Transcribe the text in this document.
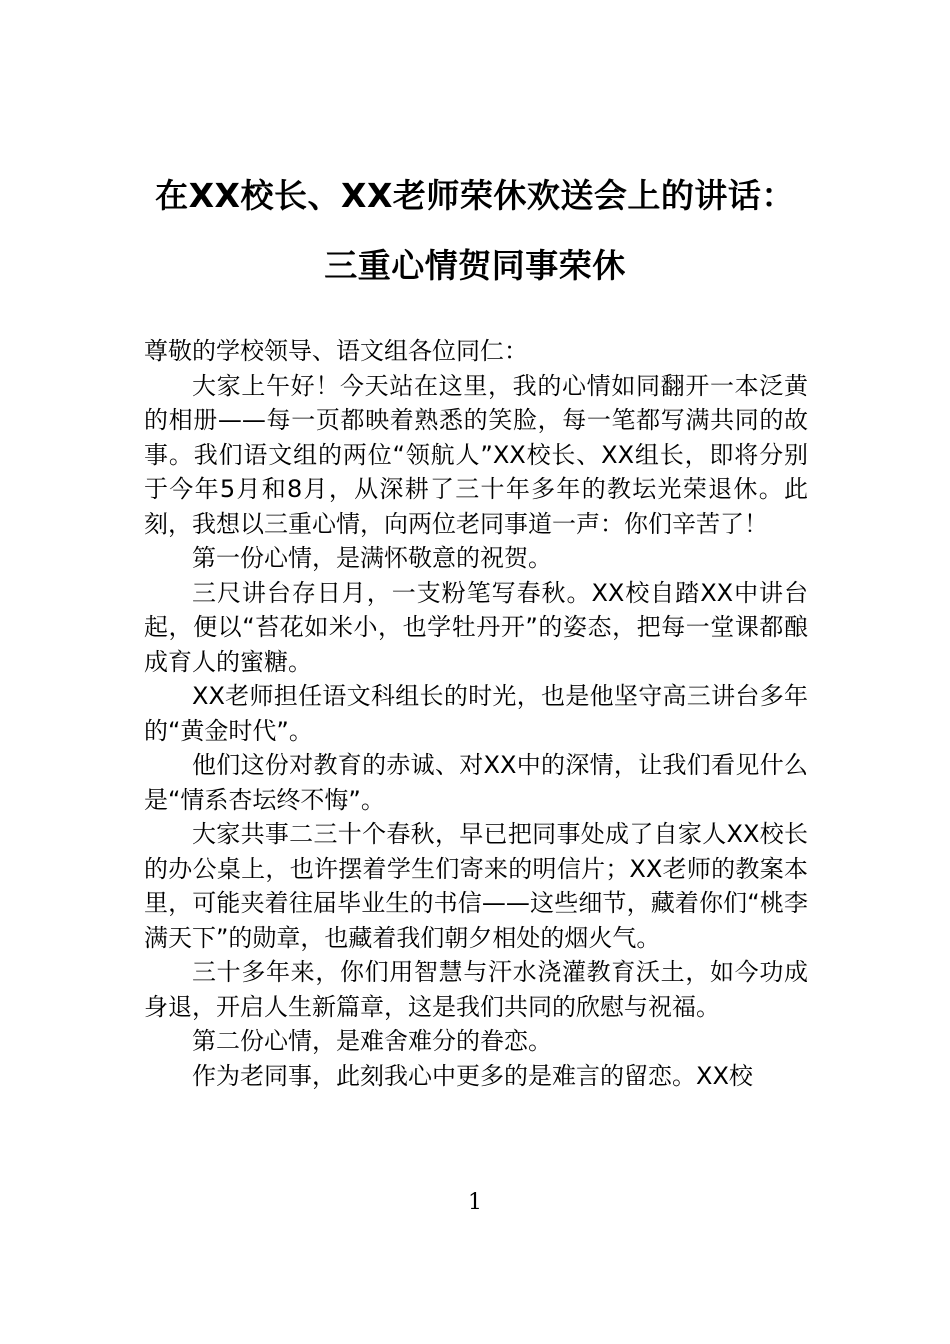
在XX校长、XX老师荣休欢送会上的讲话：
三重心情贺同事荣休

尊敬的学校领导、语文组各位同仁：

大家上午好！今天站在这里，我的心情如同翻开一本泛黄的相册——每一页都映着熟悉的笑脸，每一笔都写满共同的故事。我们语文组的两位“领航人”XX校长、XX组长，即将分别于今年5月和8月，从深耕了三十年多年的教坛光荣退休。此刻，我想以三重心情，向两位老同事道一声：你们辛苦了！

第一份心情，是满怀敬意的祝贺。

三尺讲台存日月，一支粉笔写春秋。XX校自踏XX中讲台起，便以“苔花如米小，也学牡丹开”的姿态，把每一堂课都酿成育人的蜜糖。

XX老师担任语文科组长的时光，也是他坚守高三讲台多年的“黄金时代”。

他们这份对教育的赤诚、对XX中的深情，让我们看见什么是“情系杏坛终不悔”。

大家共事二三十个春秋，早已把同事处成了自家人XX校长的办公桌上，也许摆着学生们寄来的明信片；XX老师的教案本里，可能夹着往届毕业生的书信——这些细节，藏着你们“桃李满天下”的勋章，也藏着我们朝夕相处的烟火气。

三十多年来，你们用智慧与汗水浇灌教育沃土，如今功成身退，开启人生新篇章，这是我们共同的欣慰与祝福。

第二份心情，是难舍难分的眷恋。

作为老同事，此刻我心中更多的是难言的留恋。XX校

1
